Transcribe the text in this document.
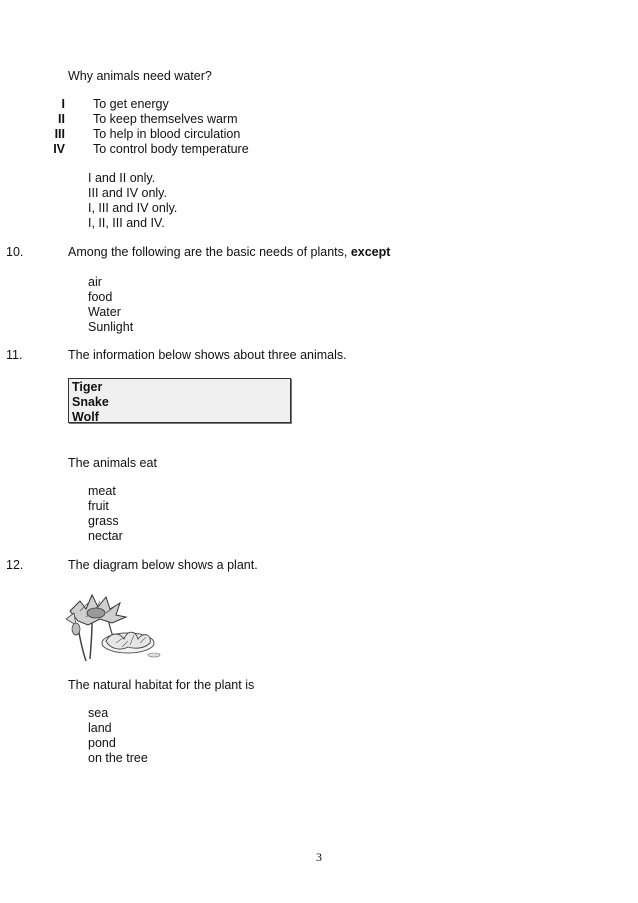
Why animals need water?
I To get energy
II To keep themselves warm
III To help in blood circulation
IV To control body temperature
I and II only.
III and IV only.
I, III and IV only.
I, II, III and IV.
10.	Among the following are the basic needs of plants, except
air
food
Water
Sunlight
11.	The information below shows about three animals.
Tiger
Snake
Wolf
The animals eat
meat
fruit
grass
nectar
12.	The diagram below shows a plant.
The natural habitat for the plant is
sea
land
pond
on the tree
3
